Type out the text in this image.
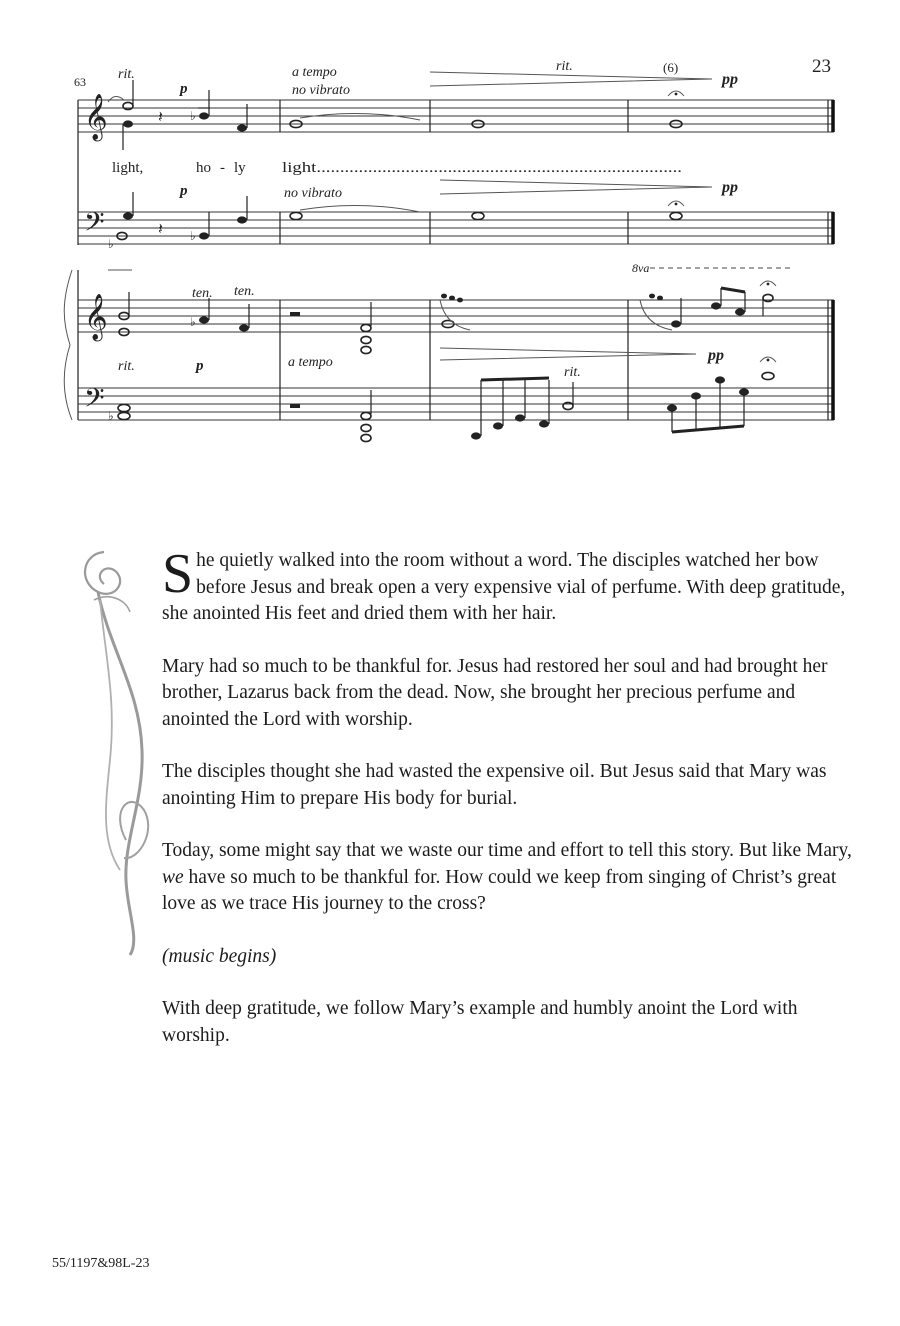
23
63
𝄞
𝄢
𝄞
𝄢
rit.
p
a tempo
no vibrato
rit.	(6)
pp
𝄽 ♭
light,	ho - ly light..............................................................................
p	no vibrato	pp
♭
𝄽 ♭
ten. ten.
8va
♭
rit.	p	a tempo	pp
rit.
♭

She quietly walked into the room without a word. The disciples watched her bow before Jesus and break open a very expensive vial of perfume. With deep gratitude, she anointed His feet and dried them with her hair.

Mary had so much to be thankful for. Jesus had restored her soul and had brought her brother, Lazarus back from the dead. Now, she brought her precious perfume and anointed the Lord with worship.

The disciples thought she had wasted the expensive oil. But Jesus said that Mary was anointing Him to prepare His body for burial.

Today, some might say that we waste our time and effort to tell this story. But like Mary, we have so much to be thankful for. How could we keep from singing of Christ’s great love as we trace His journey to the cross?

(music begins)

With deep gratitude, we follow Mary’s example and humbly anoint the Lord with worship.

55/1197&98L-23
